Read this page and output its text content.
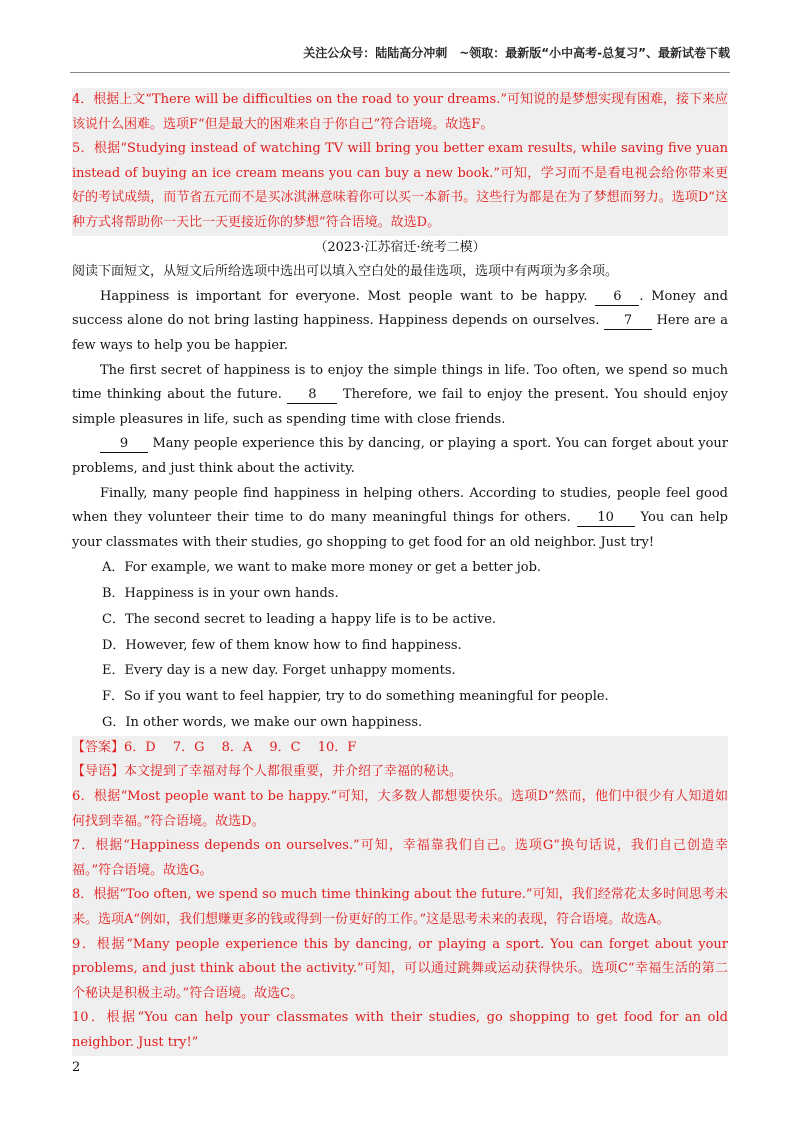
关注公众号：陆陆高分冲刺　~领取：最新版“小中高考-总复习”、最新试卷下载

4．根据上文“There will be difficulties on the road to your dreams.”可知说的是梦想实现有困难，接下来应该说什么困难。选项F“但是最大的困难来自于你自己”符合语境。故选F。

5．根据“Studying instead of watching TV will bring you better exam results, while saving five yuan instead of buying an ice cream means you can buy a new book.”可知，学习而不是看电视会给你带来更好的考试成绩，而节省五元而不是买冰淇淋意味着你可以买一本新书。这些行为都是在为了梦想而努力。选项D“这种方式将帮助你一天比一天更接近你的梦想”符合语境。故选D。

（2023·江苏宿迁·统考二模）

阅读下面短文，从短文后所给选项中选出可以填入空白处的最佳选项，选项中有两项为多余项。

Happiness is important for everyone. Most people want to be happy. 6 . Money and success alone do not bring lasting happiness. Happiness depends on ourselves. 7 Here are a few ways to help you be happier.

The first secret of happiness is to enjoy the simple things in life. Too often, we spend so much time thinking about the future. 8 Therefore, we fail to enjoy the present. You should enjoy simple pleasures in life, such as spending time with close friends.

9 Many people experience this by dancing, or playing a sport. You can forget about your problems, and just think about the activity.

Finally, many people find happiness in helping others. According to studies, people feel good when they volunteer their time to do many meaningful things for others. 10 You can help your classmates with their studies, go shopping to get food for an old neighbor. Just try!

A．For example, we want to make more money or get a better job.

B．Happiness is in your own hands.

C．The second secret to leading a happy life is to be active.

D．However, few of them know how to find happiness.

E．Every day is a new day. Forget unhappy moments.

F．So if you want to feel happier, try to do something meaningful for people.

G．In other words, we make our own happiness.

【答案】6．D　 7．G　 8．A　 9．C　 10．F

【导语】本文提到了幸福对每个人都很重要，并介绍了幸福的秘诀。

6．根据“Most people want to be happy.”可知，大多数人都想要快乐。选项D“然而，他们中很少有人知道如何找到幸福。”符合语境。故选D。

7．根据“Happiness depends on ourselves.”可知，幸福靠我们自己。选项G“换句话说，我们自己创造幸福。”符合语境。故选G。

8．根据“Too often, we spend so much time thinking about the future.”可知，我们经常花太多时间思考未来。选项A“例如，我们想赚更多的钱或得到一份更好的工作。”这是思考未来的表现，符合语境。故选A。

9．根据“Many people experience this by dancing, or playing a sport. You can forget about your problems, and just think about the activity.”可知，可以通过跳舞或运动获得快乐。选项C“幸福生活的第二个秘诀是积极主动。”符合语境。故选C。

10．根据“You can help your classmates with their studies, go shopping to get food for an old neighbor. Just try!”

2
